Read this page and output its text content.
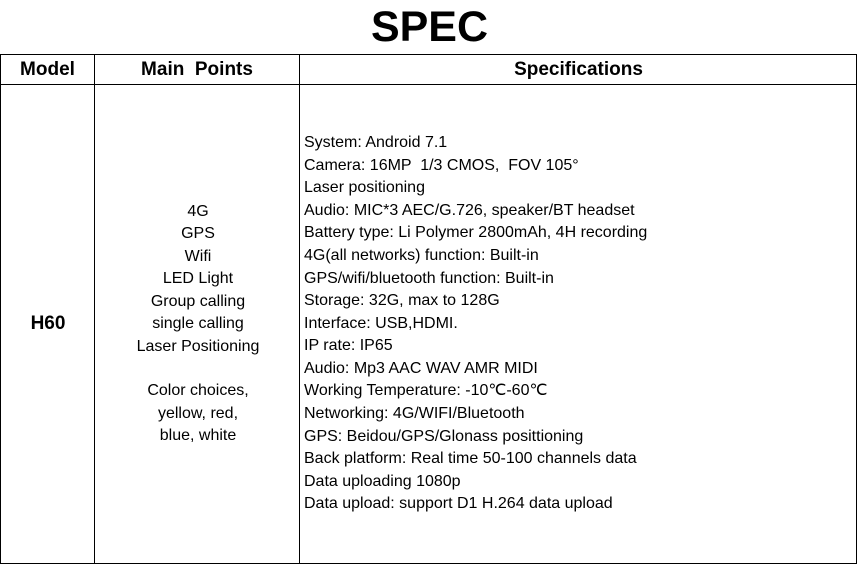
SPEC
Model	Main  Points	Specifications
H60
4G
GPS
Wifi
LED Light
Group calling
single calling
Laser Positioning
Color choices,
yellow, red,
blue, white
System: Android 7.1
Camera: 16MP  1/3 CMOS,  FOV 105°
Laser positioning
Audio: MIC*3 AEC/G.726, speaker/BT headset
Battery type: Li Polymer 2800mAh, 4H recording
4G(all networks) function: Built-in
GPS/wifi/bluetooth function: Built-in
Storage: 32G, max to 128G
Interface: USB,HDMI.
IP rate: IP65
Audio: Mp3 AAC WAV AMR MIDI
Working Temperature: -10℃-60℃
Networking: 4G/WIFI/Bluetooth
GPS: Beidou/GPS/Glonass posittioning
Back platform: Real time 50-100 channels data
Data uploading 1080p
Data upload: support D1 H.264 data upload
